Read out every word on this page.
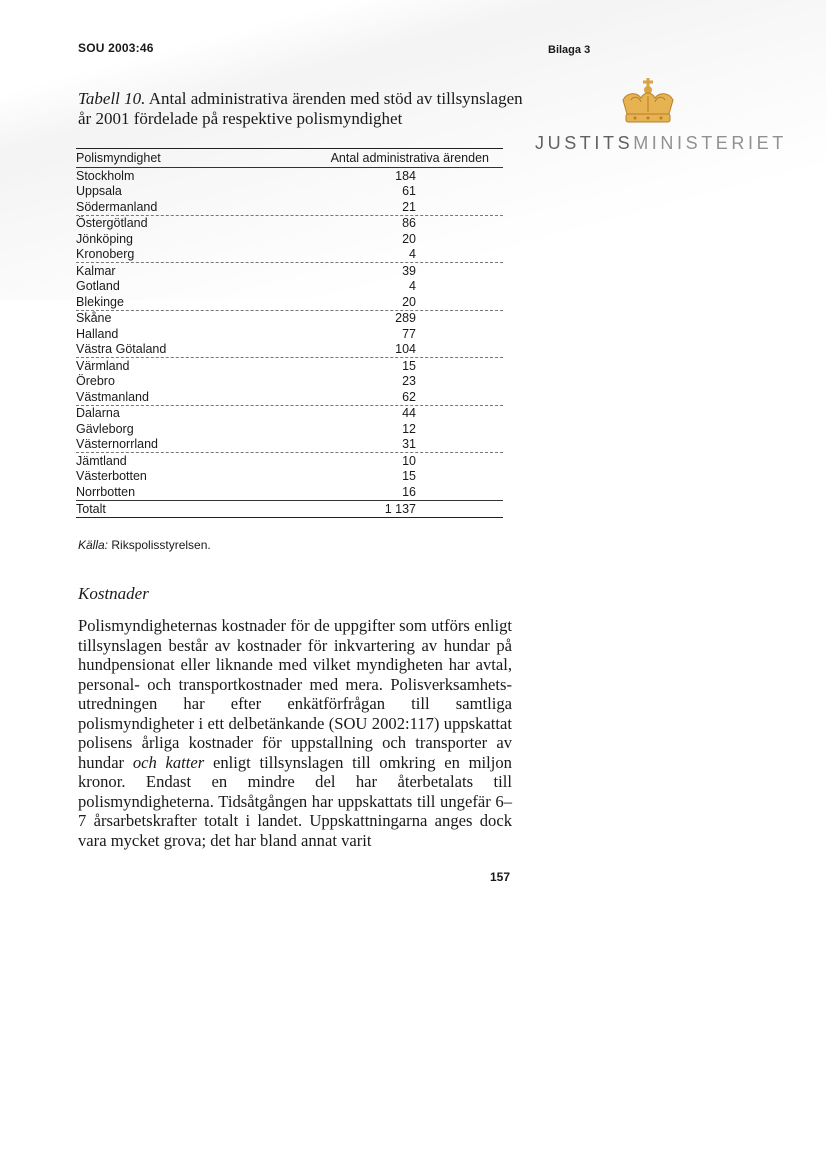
SOU 2003:46	Bilaga 3
JUSTITSMINISTERIET
Tabell 10. Antal administrativa ärenden med stöd av tillsynslagen år 2001 fördelade på respektive polismyndighet
Polismyndighet	Antal administrativa ärenden
Stockholm	184
Uppsala	61
Södermanland	21
Östergötland	86
Jönköping	20
Kronoberg	4
Kalmar	39
Gotland	4
Blekinge	20
Skåne	289
Halland	77
Västra Götaland	104
Värmland	15
Örebro	23
Västmanland	62
Dalarna	44
Gävleborg	12
Västernorrland	31
Jämtland	10
Västerbotten	15
Norrbotten	16
Totalt	1 137
Källa: Rikspolisstyrelsen.
Kostnader
Polismyndigheternas kostnader för de uppgifter som utförs enligt tillsynslagen består av kostnader för inkvartering av hundar på hundpensionat eller liknande med vilket myndigheten har avtal, personal- och transportkostnader med mera. Polisverksamhets-utredningen har efter enkätförfrågan till samtliga polismyndigheter i ett delbetänkande (SOU 2002:117) uppskattat polisens årliga kostnader för uppstallning och transporter av hundar och katter enligt tillsynslagen till omkring en miljon kronor. Endast en mindre del har återbetalats till polismyndigheterna. Tidsåtgången har uppskattats till ungefär 6–7 årsarbetskrafter totalt i landet. Uppskattningarna anges dock vara mycket grova; det har bland annat varit
157
